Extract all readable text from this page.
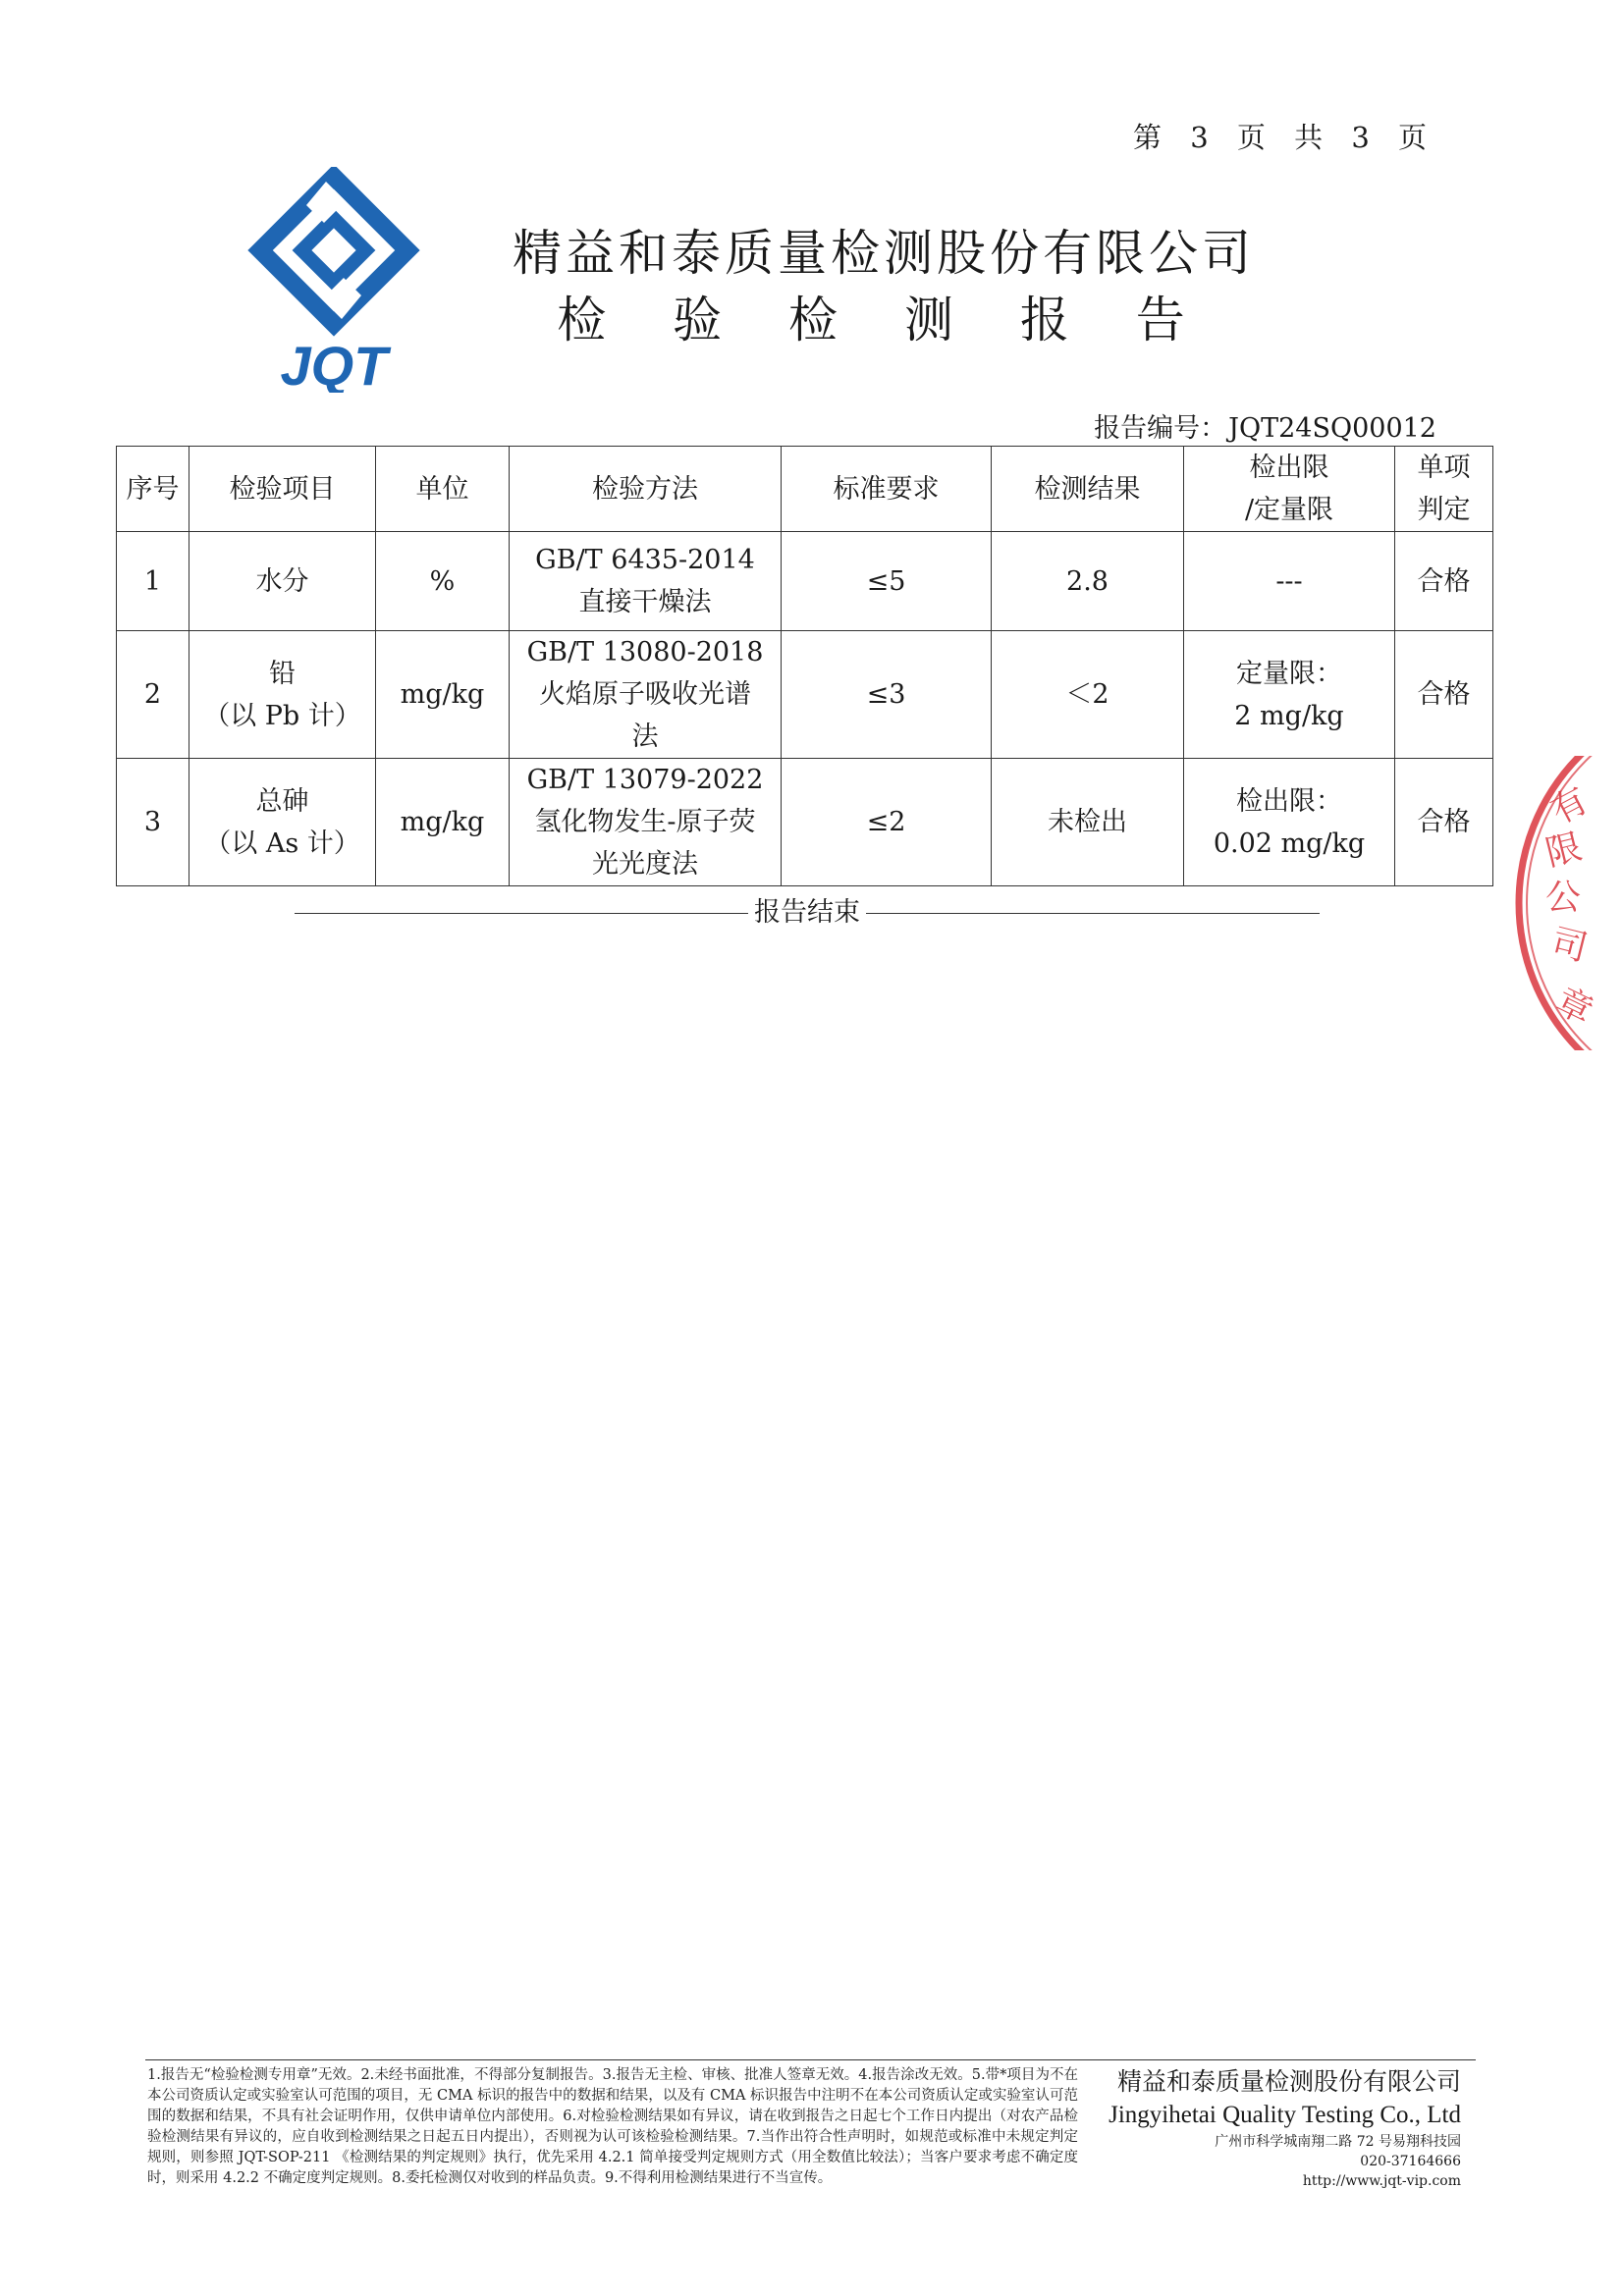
第 3 页 共 3 页
JQT
精益和泰质量检测股份有限公司
检 验 检 测 报 告
报告编号：JQT24SQ00012
序号	检验项目	单位	检验方法	标准要求	检测结果	检出限
/定量限	单项
判定

1	水分	%	GB/T 6435-2014
直接干燥法	≤5	2.8	---	合格
2	铅
（以 Pb 计）	mg/kg	GB/T 13080-2018
火焰原子吸收光谱
法	≤3	＜2	定量限：
2 mg/kg	合格
3	总砷
（以 As 计）	mg/kg	GB/T 13079-2022
氢化物发生-原子荧
光光度法	≤2	未检出	检出限：
0.02 mg/kg	合格
报告结束
有
限
公
司
章
1.报告无“检验检测专用章”无效。2.未经书面批准，不得部分复制报告。3.报告无主检、审核、批准人签章无效。4.报告涂改无效。5.带*项目为不在本公司资质认定或实验室认可范围的项目，无 CMA 标识的报告中的数据和结果，以及有 CMA 标识报告中注明不在本公司资质认定或实验室认可范围的数据和结果，不具有社会证明作用，仅供申请单位内部使用。6.对检验检测结果如有异议，请在收到报告之日起七个工作日内提出（对农产品检验检测结果有异议的，应自收到检测结果之日起五日内提出），否则视为认可该检验检测结果。7.当作出符合性声明时，如规范或标准中未规定判定规则，则参照 JQT-SOP-211 《检测结果的判定规则》执行，优先采用 4.2.1 简单接受判定规则方式（用全数值比较法）；当客户要求考虑不确定度时，则采用 4.2.2 不确定度判定规则。8.委托检测仅对收到的样品负责。9.不得利用检测结果进行不当宣传。
精益和泰质量检测股份有限公司
Jingyihetai Quality Testing Co., Ltd
广州市科学城南翔二路 72 号易翔科技园
020-37164666
http://www.jqt-vip.com
